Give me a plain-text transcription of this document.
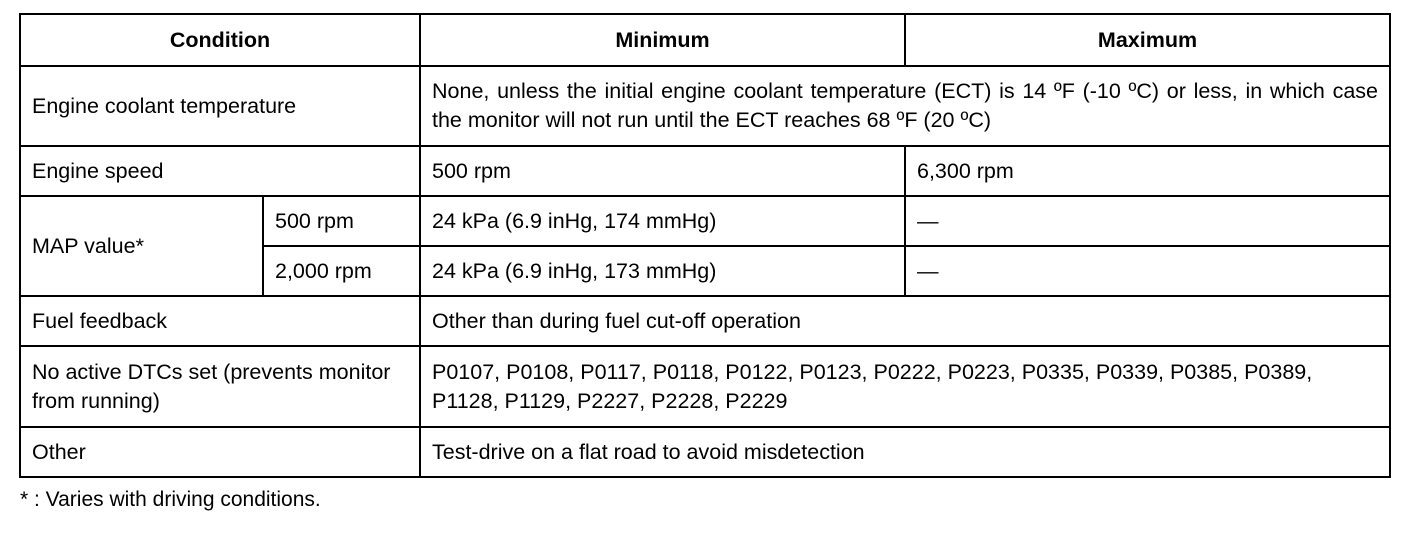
Condition		Minimum	Maximum
Engine coolant temperature		None, unless the initial engine coolant temperature (ECT) is 14 ºF (-10 ºC) or less, in which case the monitor will not run until the ECT reaches 68 ºF (20 ºC)	
Engine speed		500 rpm	6,300 rpm
MAP value*	500 rpm	24 kPa (6.9 inHg, 174 mmHg)	—
	2,000 rpm	24 kPa (6.9 inHg, 173 mmHg)	—
Fuel feedback		Other than during fuel cut-off operation	
No active DTCs set (prevents monitor from running)		P0107, P0108, P0117, P0118, P0122, P0123, P0222, P0223, P0335, P0339, P0385, P0389, P1128, P1129, P2227, P2228, P2229	
Other		Test-drive on a flat road to avoid misdetection	
* : Varies with driving conditions.
